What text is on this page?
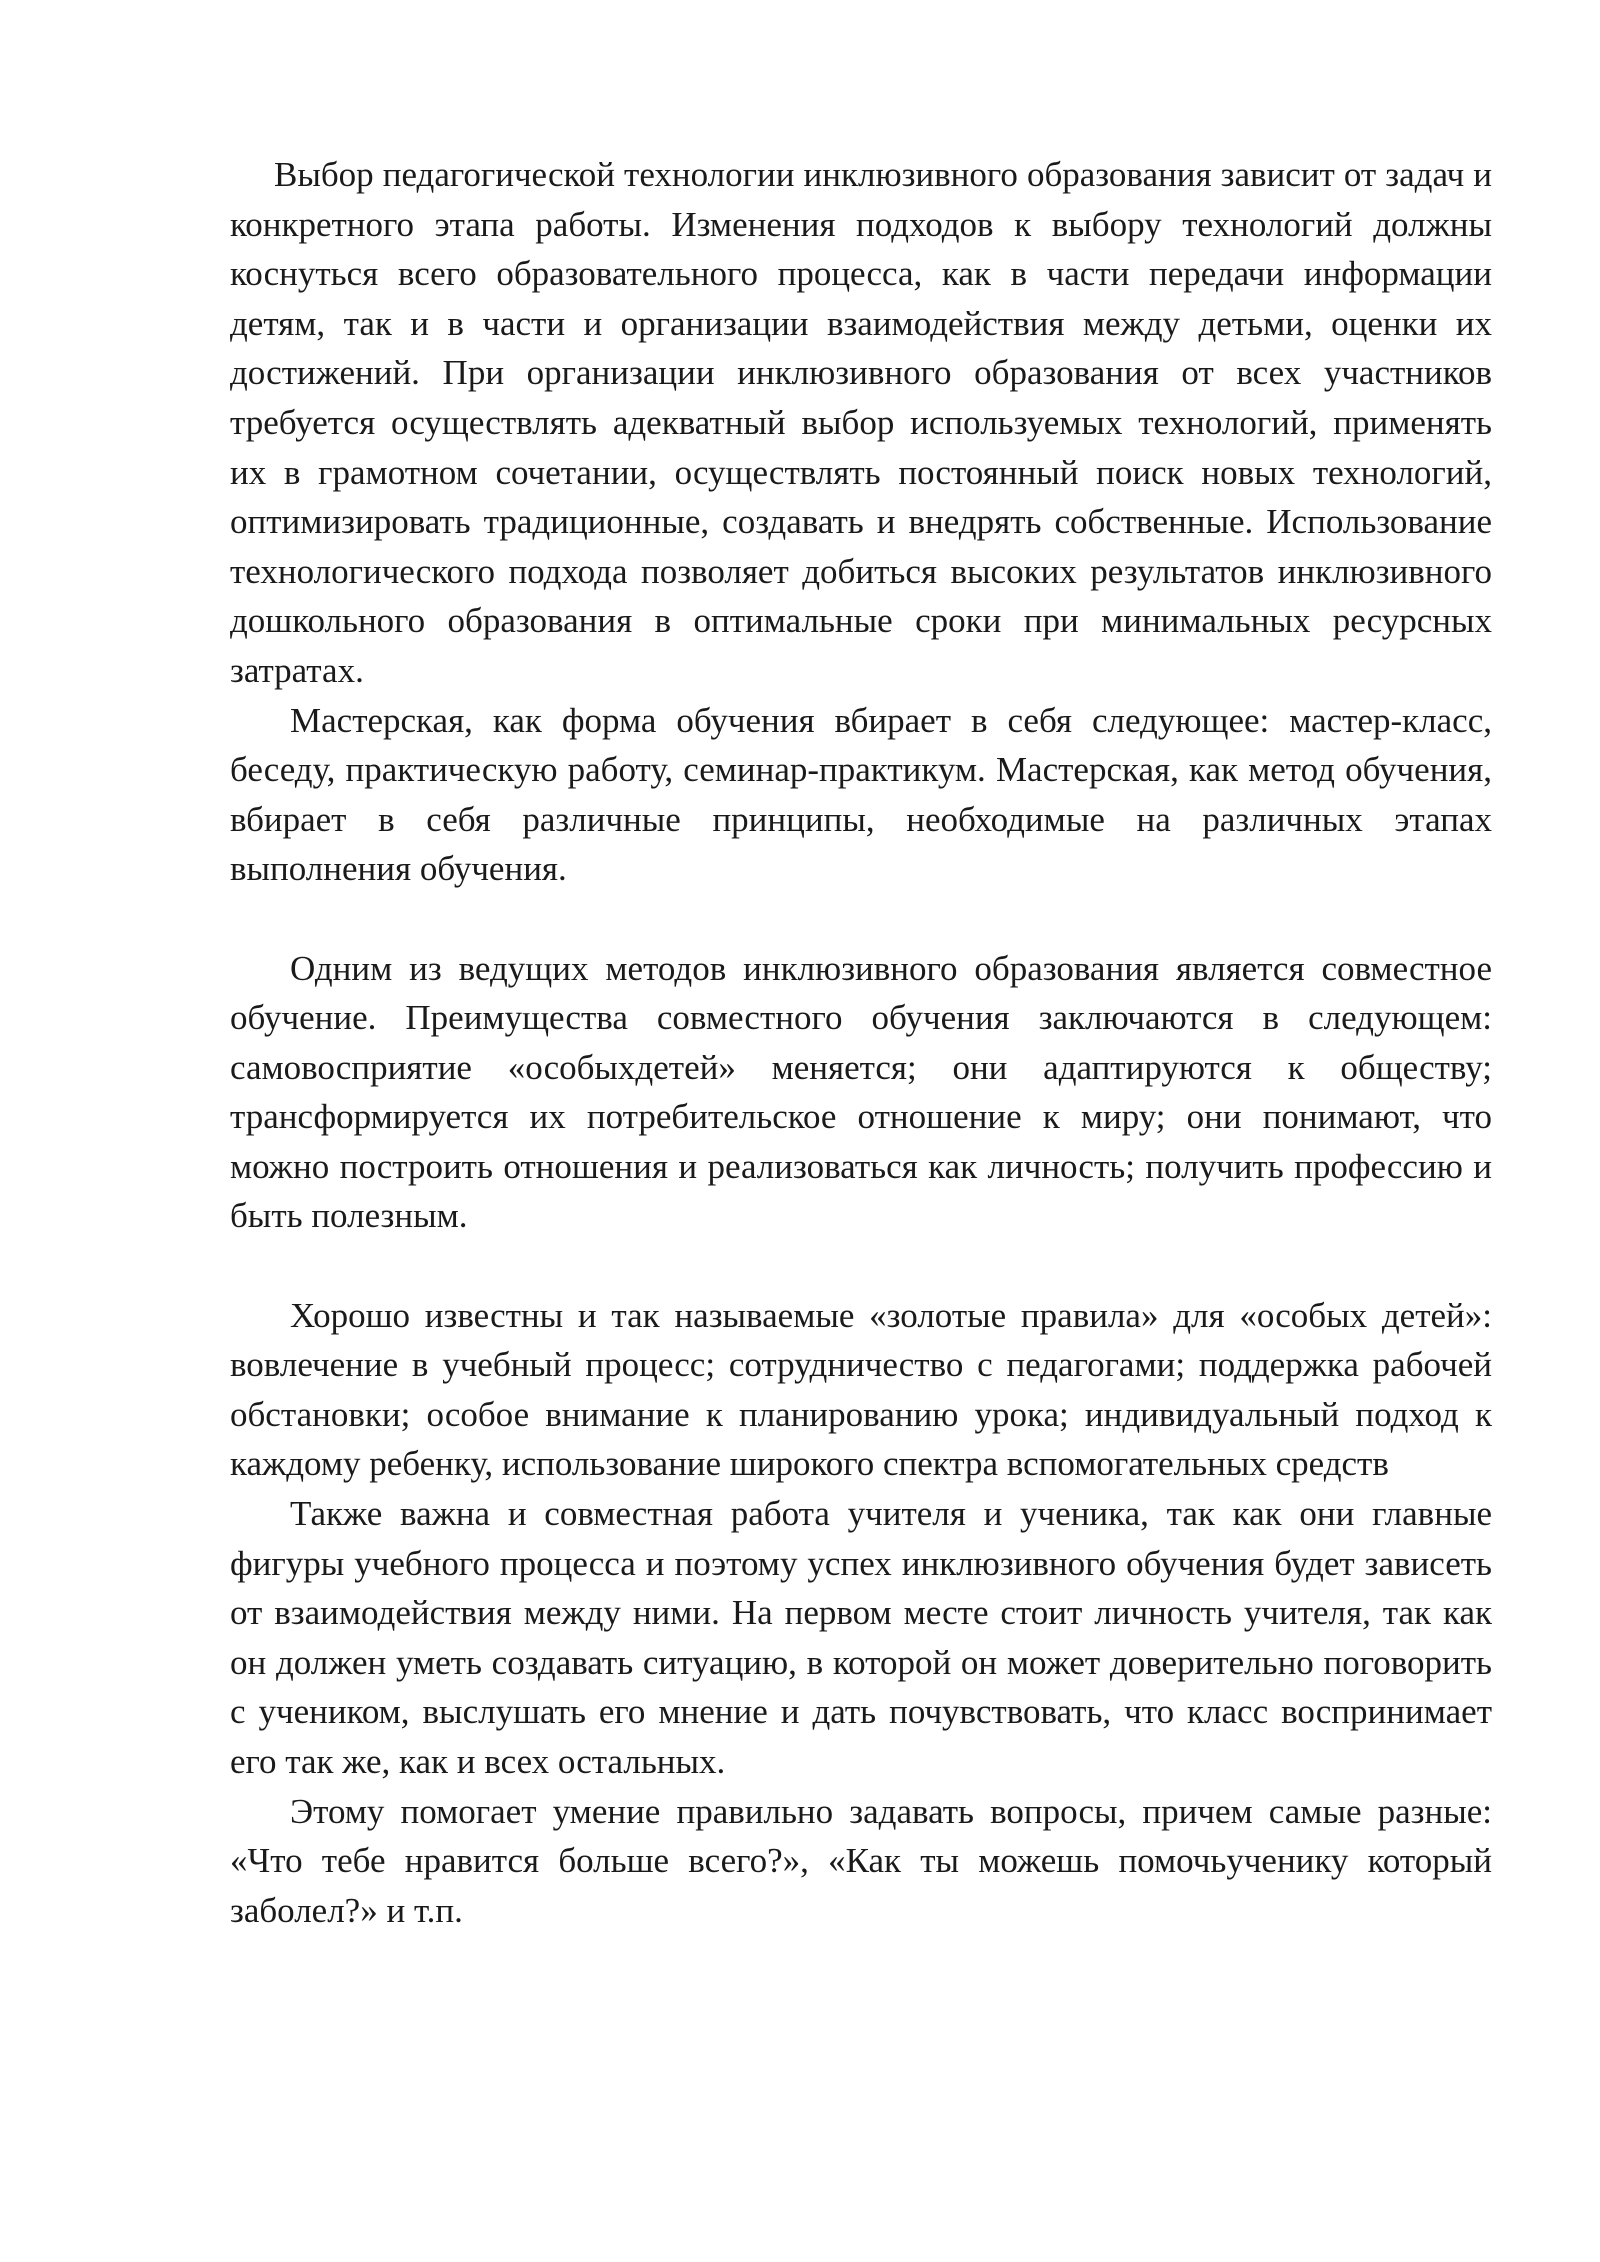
Выбор педагогической технологии инклюзивного образования зависит от задач и конкретного этапа работы. Изменения подходов к выбору технологий должны коснуться всего образовательного процесса, как в части передачи информации детям, так и в части и организации взаимодействия между детьми, оценки их достижений. При организации инклюзивного образования от всех участников требуется осуществлять адекватный выбор используемых технологий, применять их в грамотном сочетании, осуществлять постоянный поиск новых технологий, оптимизировать традиционные, создавать и внедрять собственные. Использование технологического подхода позволяет добиться высоких результатов инклюзивного дошкольного образования в оптимальные сроки при минимальных ресурсных затратах.

Мастерская, как форма обучения вбирает в себя следующее: мастер-класс, беседу, практическую работу, семинар-практикум. Мастерская, как метод обучения, вбирает в себя различные принципы, необходимые на различных этапах выполнения обучения.

Одним из ведущих методов инклюзивного образования является совместное обучение. Преимущества совместного обучения заключаются в следующем: самовосприятие «особыхдетей» меняется; они адаптируются к обществу; трансформируется их потребительское отношение к миру; они понимают, что можно построить отношения и реализоваться как личность; получить профессию и быть полезным.

Хорошо известны и так называемые «золотые правила» для «особых детей»: вовлечение в учебный процесс; сотрудничество с педагогами; поддержка рабочей обстановки; особое внимание к планированию урока; индивидуальный подход к каждому ребенку, использование широкого спектра вспомогательных средств

Также важна и совместная работа учителя и ученика, так как они главные фигуры учебного процесса и поэтому успех инклюзивного обучения будет зависеть от взаимодействия между ними. На первом месте стоит личность учителя, так как он должен уметь создавать ситуацию, в которой он может доверительно поговорить с учеником, выслушать его мнение и дать почувствовать, что класс воспринимает его так же, как и всех остальных.

Этому помогает умение правильно задавать вопросы, причем самые разные: «Что тебе нравится больше всего?», «Как ты можешь помочьученику который заболел?» и т.п.
